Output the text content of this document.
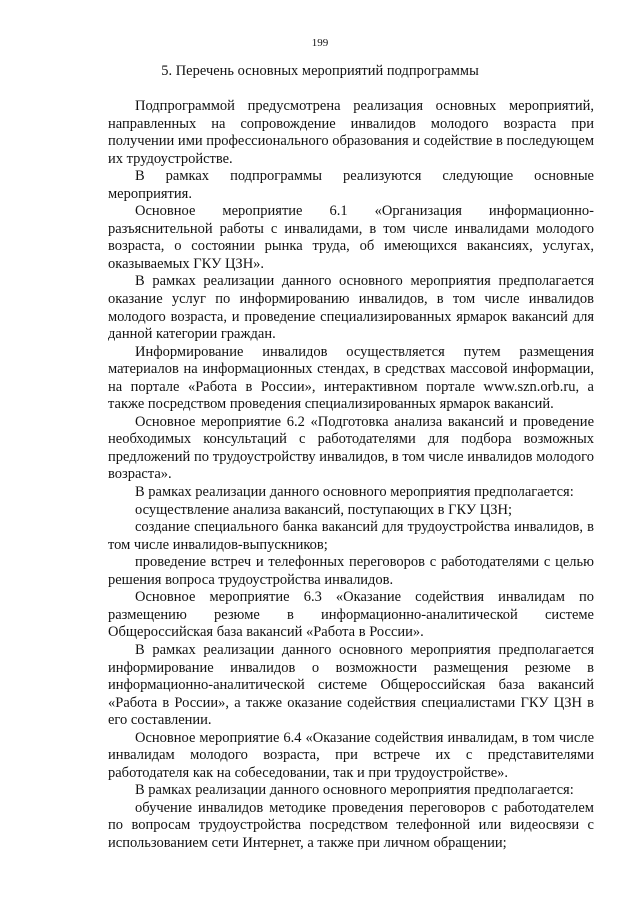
199
5. Перечень основных мероприятий подпрограммы

Подпрограммой предусмотрена реализация основных мероприятий, направленных на сопровождение инвалидов молодого возраста при получении ими профессионального образования и содействие в последующем их трудоустройстве.

В рамках подпрограммы реализуются следующие основные мероприятия.

Основное мероприятие 6.1 «Организация информационно-разъяснительной работы с инвалидами, в том числе инвалидами молодого возраста, о состоянии рынка труда, об имеющихся вакансиях, услугах, оказываемых ГКУ ЦЗН».

В рамках реализации данного основного мероприятия предполагается оказание услуг по информированию инвалидов, в том числе инвалидов молодого возраста, и проведение специализированных ярмарок вакансий для данной категории граждан.

Информирование инвалидов осуществляется путем размещения материалов на информационных стендах, в средствах массовой информации, на портале «Работа в России», интерактивном портале www.szn.orb.ru, а также посредством проведения специализированных ярмарок вакансий.

Основное мероприятие 6.2 «Подготовка анализа вакансий и проведение необходимых консультаций с работодателями для подбора возможных предложений по трудоустройству инвалидов, в том числе инвалидов молодого возраста».

В рамках реализации данного основного мероприятия предполагается:

осуществление анализа вакансий, поступающих в ГКУ ЦЗН;

создание специального банка вакансий для трудоустройства инвалидов, в том числе инвалидов-выпускников;

проведение встреч и телефонных переговоров с работодателями с целью решения вопроса трудоустройства инвалидов.

Основное мероприятие 6.3 «Оказание содействия инвалидам по размещению резюме в информационно-аналитической системе Общероссийская база вакансий «Работа в России».

В рамках реализации данного основного мероприятия предполагается информирование инвалидов о возможности размещения резюме в информационно-аналитической системе Общероссийская база вакансий «Работа в России», а также оказание содействия специалистами ГКУ ЦЗН в его составлении.

Основное мероприятие 6.4 «Оказание содействия инвалидам, в том числе инвалидам молодого возраста, при встрече их с представителями работодателя как на собеседовании, так и при трудоустройстве».

В рамках реализации данного основного мероприятия предполагается:

обучение инвалидов методике проведения переговоров с работодателем по вопросам трудоустройства посредством телефонной или видеосвязи с использованием сети Интернет, а также при личном обращении;
